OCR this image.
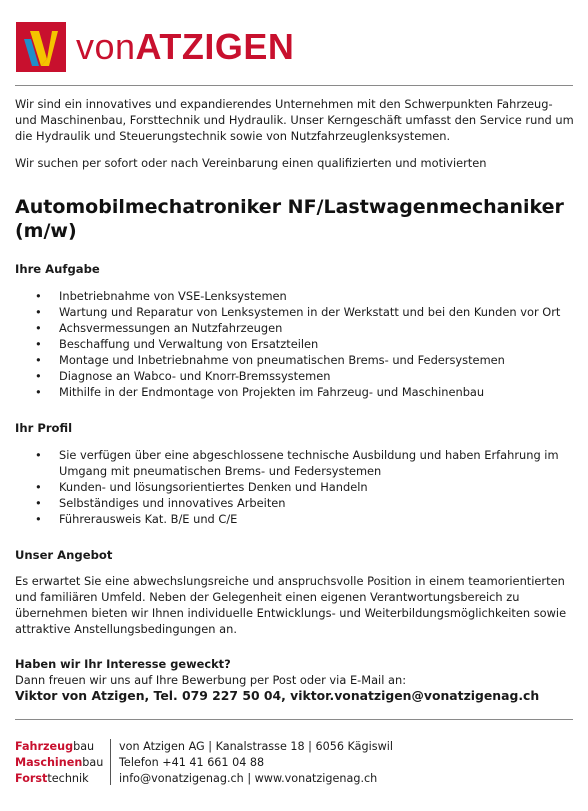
vonATZIGEN

Wir sind ein innovatives und expandierendes Unternehmen mit den Schwerpunkten Fahrzeug- und Maschinenbau, Forsttechnik und Hydraulik. Unser Kerngeschäft umfasst den Service rund um die Hydraulik und Steuerungstechnik sowie von Nutzfahrzeuglenksystemen.

Wir suchen per sofort oder nach Vereinbarung einen qualifizierten und motivierten

Automobilmechatroniker NF/Lastwagenmechaniker (m/w)
Ihre Aufgabe
• Inbetriebnahme von VSE-Lenksystemen
• Wartung und Reparatur von Lenksystemen in der Werkstatt und bei den Kunden vor Ort
• Achsvermessungen an Nutzfahrzeugen
• Beschaffung und Verwaltung von Ersatzteilen
• Montage und Inbetriebnahme von pneumatischen Brems- und Federsystemen
• Diagnose an Wabco- und Knorr-Bremssystemen
• Mithilfe in der Endmontage von Projekten im Fahrzeug- und Maschinenbau
Ihr Profil
• Sie verfügen über eine abgeschlossene technische Ausbildung und haben Erfahrung im Umgang mit pneumatischen Brems- und Federsystemen
• Kunden- und lösungsorientiertes Denken und Handeln
• Selbständiges und innovatives Arbeiten
• Führerausweis Kat. B/E und C/E
Unser Angebot

Es erwartet Sie eine abwechslungsreiche und anspruchsvolle Position in einem teamorientierten und familiären Umfeld. Neben der Gelegenheit einen eigenen Verantwortungsbereich zu übernehmen bieten wir Ihnen individuelle Entwicklungs- und Weiterbildungsmöglichkeiten sowie attraktive Anstellungsbedingungen an.

Haben wir Ihr Interesse geweckt?
Dann freuen wir uns auf Ihre Bewerbung per Post oder via E-Mail an:
Viktor von Atzigen, Tel. 079 227 50 04, viktor.vonatzigen@vonatzigenag.ch
Fahrzeugbau
Maschinenbau
Forsttechnik
von Atzigen AG | Kanalstrasse 18 | 6056 Kägiswil
Telefon +41 41 661 04 88
info@vonatzigenag.ch | www.vonatzigenag.ch
